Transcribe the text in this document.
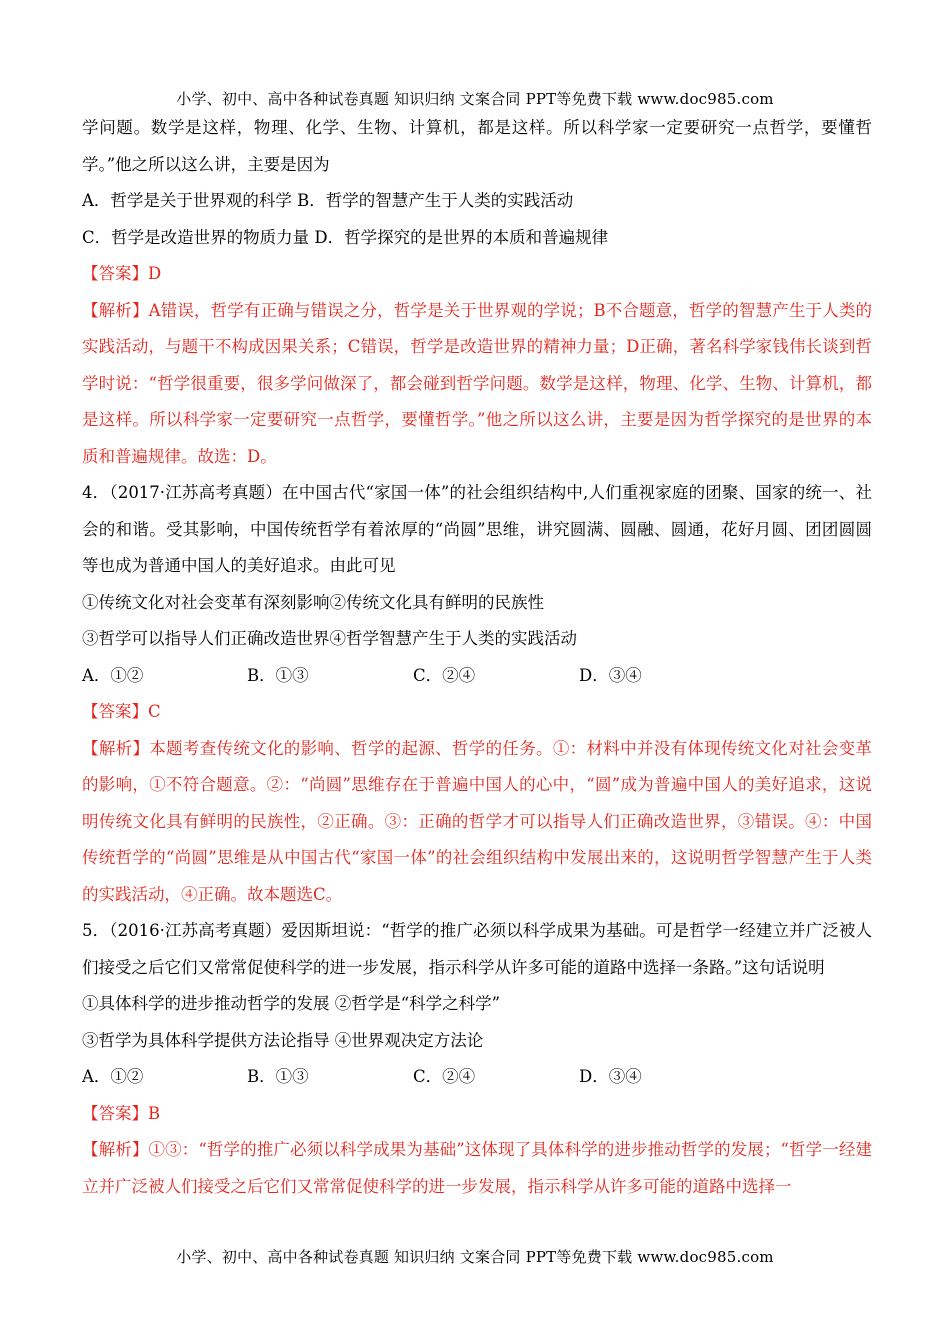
小学、初中、高中各种试卷真题 知识归纳 文案合同 PPT等免费下载 www.doc985.com

学问题。数学是这样，物理、化学、生物、计算机，都是这样。所以科学家一定要研究一点哲学，要懂哲学。”他之所以这么讲，主要是因为

A．哲学是关于世界观的科学 B．哲学的智慧产生于人类的实践活动

C．哲学是改造世界的物质力量 D．哲学探究的是世界的本质和普遍规律

【答案】D

【解析】A错误，哲学有正确与错误之分，哲学是关于世界观的学说；B不合题意，哲学的智慧产生于人类的实践活动，与题干不构成因果关系；C错误，哲学是改造世界的精神力量；D正确，著名科学家钱伟长谈到哲学时说：“哲学很重要，很多学问做深了，都会碰到哲学问题。数学是这样，物理、化学、生物、计算机，都是这样。所以科学家一定要研究一点哲学，要懂哲学。”他之所以这么讲，主要是因为哲学探究的是世界的本质和普遍规律。故选：D。

4．（2017·江苏高考真题）在中国古代“家国一体”的社会组织结构中,人们重视家庭的团聚、国家的统一、社会的和谐。受其影响，中国传统哲学有着浓厚的“尚圆”思维，讲究圆满、圆融、圆通，花好月圆、团团圆圆等也成为普通中国人的美好追求。由此可见

①传统文化对社会变革有深刻影响②传统文化具有鲜明的民族性

③哲学可以指导人们正确改造世界④哲学智慧产生于人类的实践活动

A．①②	B．①③	C．②④	D．③④

【答案】C

【解析】本题考查传统文化的影响、哲学的起源、哲学的任务。①：材料中并没有体现传统文化对社会变革的影响，①不符合题意。②：“尚圆”思维存在于普遍中国人的心中，“圆”成为普遍中国人的美好追求，这说明传统文化具有鲜明的民族性，②正确。③：正确的哲学才可以指导人们正确改造世界，③错误。④：中国传统哲学的“尚圆”思维是从中国古代“家国一体”的社会组织结构中发展出来的，这说明哲学智慧产生于人类的实践活动，④正确。故本题选C。

5．（2016·江苏高考真题）爱因斯坦说：“哲学的推广必须以科学成果为基础。可是哲学一经建立并广泛被人们接受之后它们又常常促使科学的进一步发展，指示科学从许多可能的道路中选择一条路。”这句话说明

①具体科学的进步推动哲学的发展 ②哲学是“科学之科学”

③哲学为具体科学提供方法论指导 ④世界观决定方法论

A．①②	B．①③	C．②④	D．③④

【答案】B

【解析】①③：“哲学的推广必须以科学成果为基础”这体现了具体科学的进步推动哲学的发展；“哲学一经建立并广泛被人们接受之后它们又常常促使科学的进一步发展，指示科学从许多可能的道路中选择一

小学、初中、高中各种试卷真题 知识归纳 文案合同 PPT等免费下载 www.doc985.com
